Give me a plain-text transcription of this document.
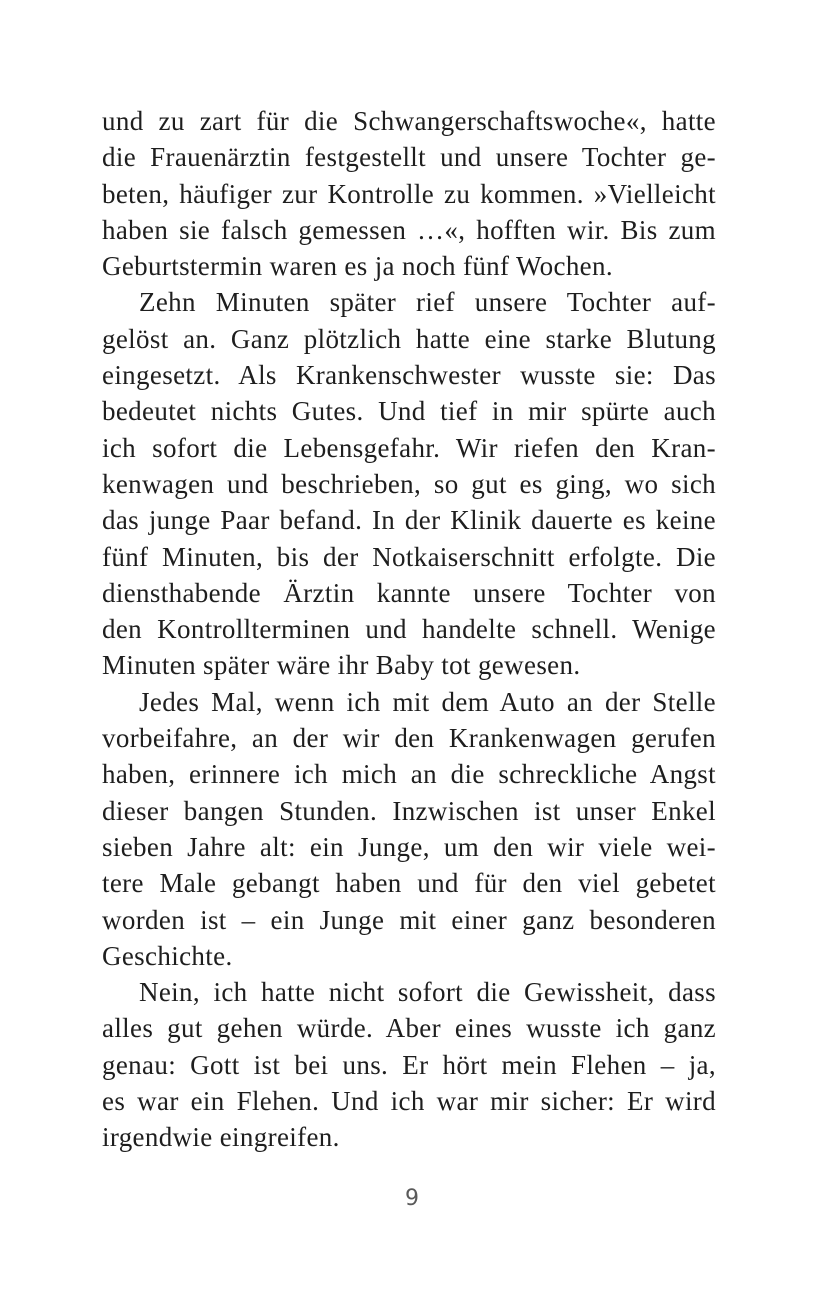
und zu zart für die Schwangerschaftswoche«, hatte
die Frauenärztin festgestellt und unsere Tochter ge-
beten, häufiger zur Kontrolle zu kommen. »Vielleicht
haben sie falsch gemessen …«, hofften wir. Bis zum
Geburtstermin waren es ja noch fünf Wochen.
Zehn Minuten später rief unsere Tochter auf-
gelöst an. Ganz plötzlich hatte eine starke Blutung
eingesetzt. Als Krankenschwester wusste sie: Das
bedeutet nichts Gutes. Und tief in mir spürte auch
ich sofort die Lebensgefahr. Wir riefen den Kran-
kenwagen und beschrieben, so gut es ging, wo sich
das junge Paar befand. In der Klinik dauerte es keine
fünf Minuten, bis der Notkaiserschnitt erfolgte. Die
diensthabende Ärztin kannte unsere Tochter von
den Kontrollterminen und handelte schnell. Wenige
Minuten später wäre ihr Baby tot gewesen.
Jedes Mal, wenn ich mit dem Auto an der Stelle
vorbeifahre, an der wir den Krankenwagen gerufen
haben, erinnere ich mich an die schreckliche Angst
dieser bangen Stunden. Inzwischen ist unser Enkel
sieben Jahre alt: ein Junge, um den wir viele wei-
tere Male gebangt haben und für den viel gebetet
worden ist – ein Junge mit einer ganz besonderen
Geschichte.
Nein, ich hatte nicht sofort die Gewissheit, dass
alles gut gehen würde. Aber eines wusste ich ganz
genau: Gott ist bei uns. Er hört mein Flehen – ja,
es war ein Flehen. Und ich war mir sicher: Er wird
irgendwie eingreifen.
9
